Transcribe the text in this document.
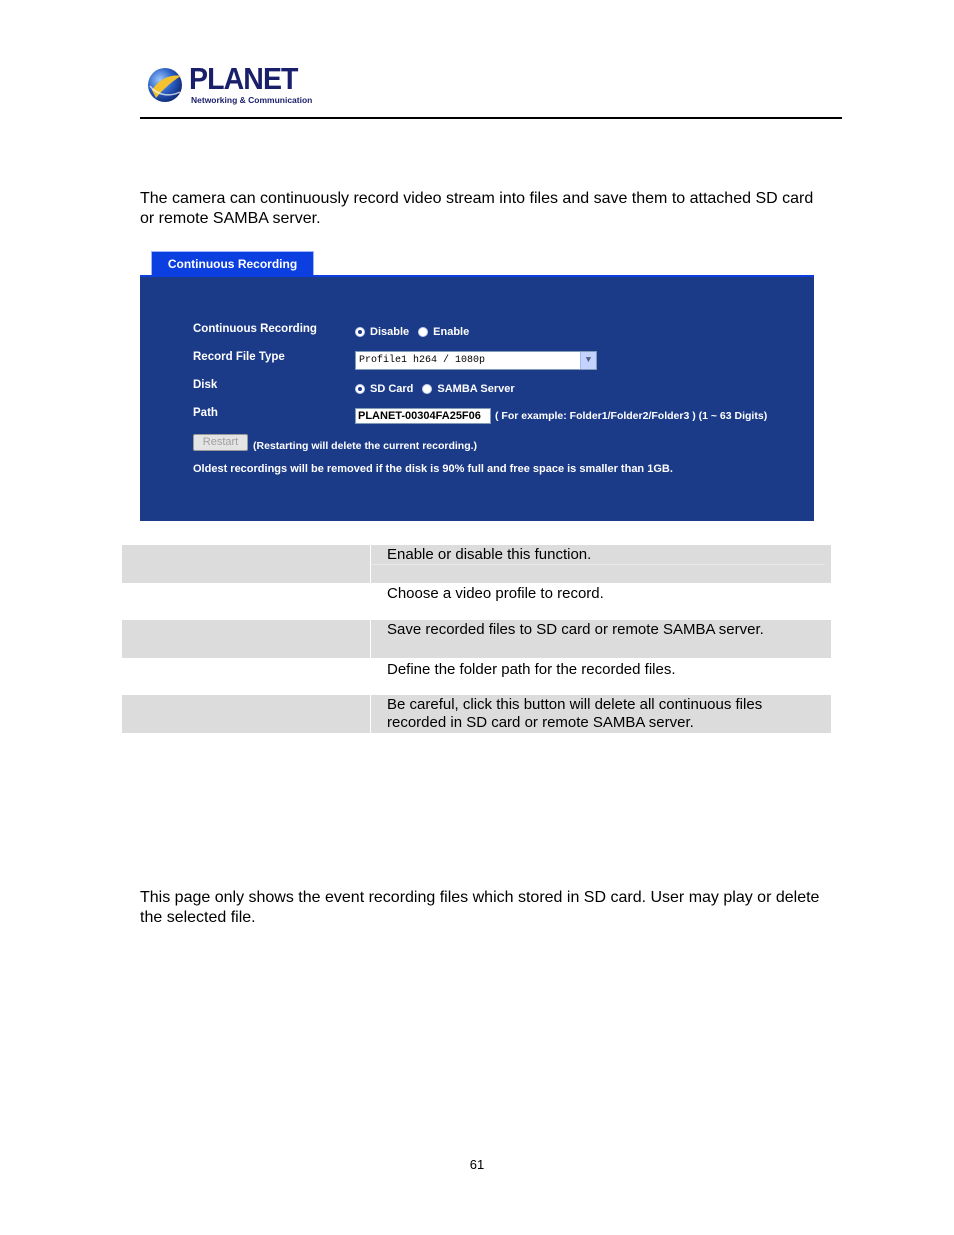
PLANET
Networking & Communication

The camera can continuously record video stream into files and save them to attached SD card or remote SAMBA server.

Continuous Recording
Continuous Recording	Disable Enable
Record File Type	Profile1 h264 / 1080p	▼
Disk	SD Card SAMBA Server
Path	PLANET-00304FA25F06	( For example: Folder1/Folder2/Folder3 ) (1 ~ 63 Digits)
Restart	(Restarting will delete the current recording.)
Oldest recordings will be removed if the disk is 90% full and free space is smaller than 1GB.
Enable or disable this function.
Choose a video profile to record.
Save recorded files to SD card or remote SAMBA server.
Define the folder path for the recorded files.
Be careful, click this button will delete all continuous files recorded in SD card or remote SAMBA server.

This page only shows the event recording files which stored in SD card. User may play or delete the selected file.

61
